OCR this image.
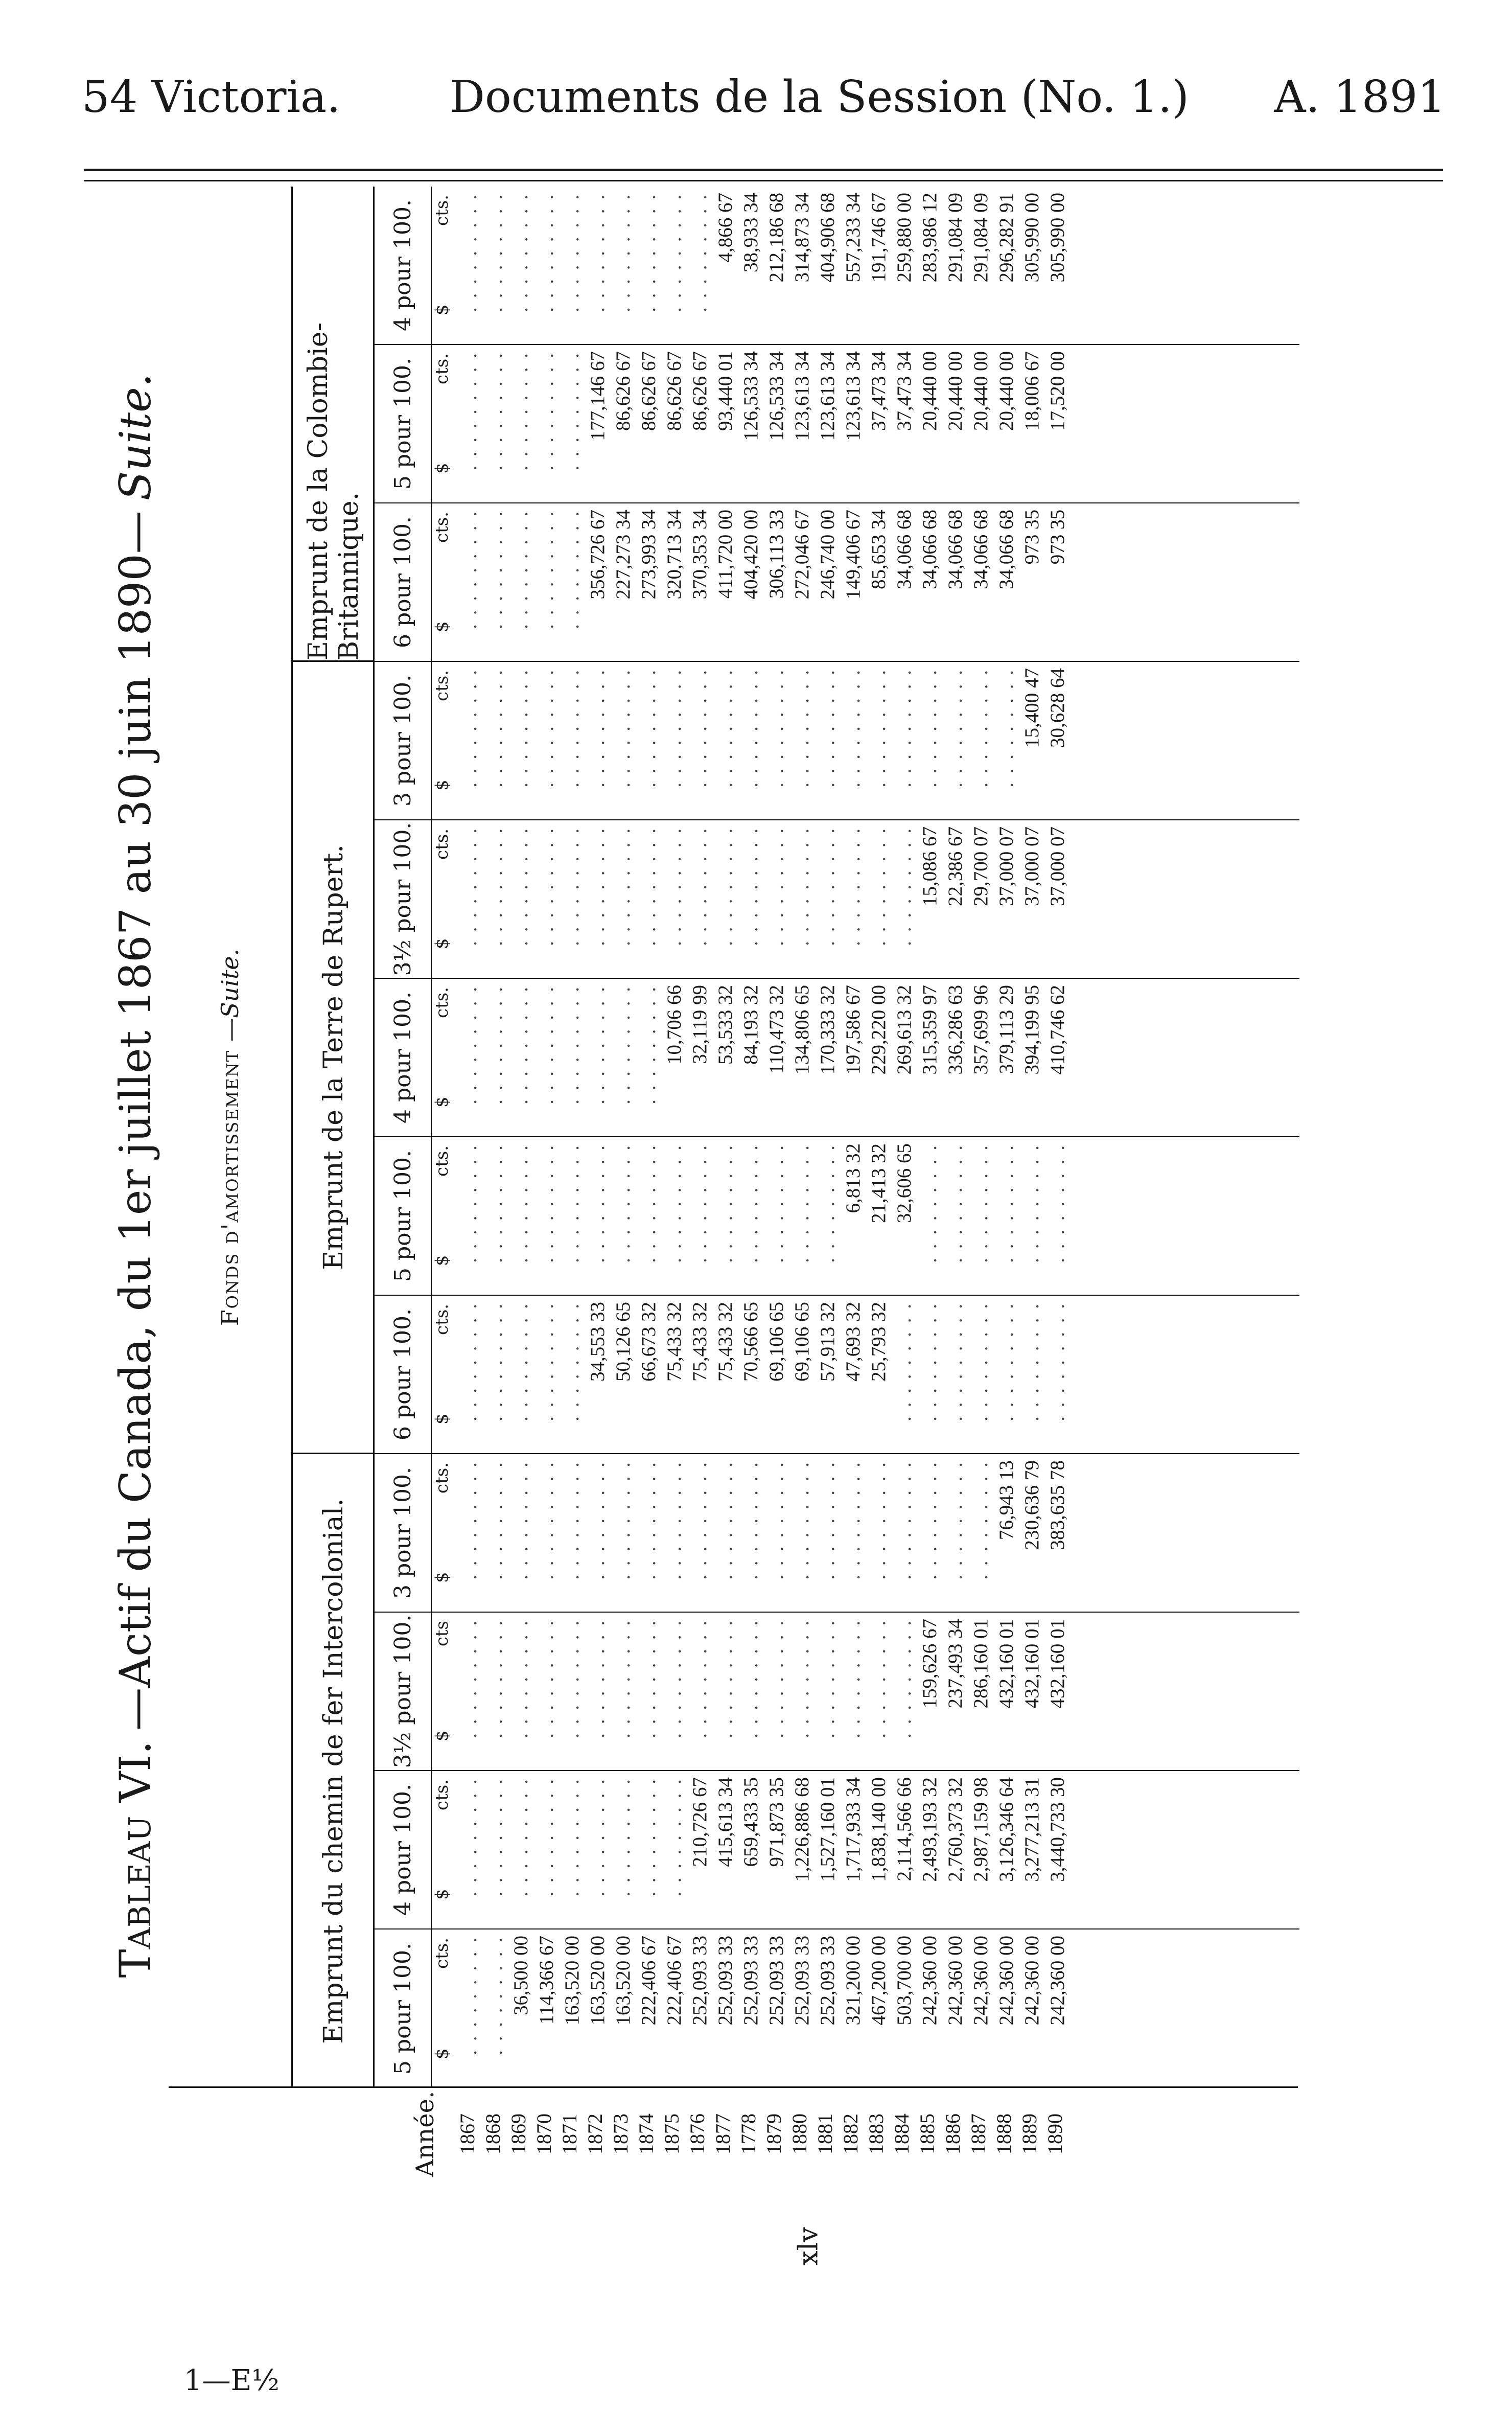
54 Victoria. Documents de la Session (No. 1.) A. 1891
Tableau VI.
—Actif du Canada, du 1er juillet 1867 au 30 juin 1890—
Suite.
Année. 1867 1868 1869 1870 1871 1872 1873 1874 1875 1876 1877 1778 1879 1880 1881 1882 1883 1884 1885 1886 1887 1888 1889 1890
Fonds d'amortissement
—Suite.
Emprunt du chemin de fer Intercolonial.
Emprunt de la Terre de Rupert.
Emprunt de la Colombie-Britannique.
5 pour 100. $
cts. . . . . . . . . . . . . . . . . . . 36,500 00 114,366 67 163,520 00 163,520 00 163,520 00 222,406 67 222,406 67 252,093 33 252,093 33 252,093 33 252,093 33 252,093 33 252,093 33 321,200 00 467,200 00 503,700 00 242,360 00 242,360 00 242,360 00 242,360 00 242,360 00 242,360 00
4 pour 100. $
cts. . . . . . . . . . . . . . . . . . . . . . . . . . . . . . . . . . . . . . . . . . . . . . . . . . . . . . . . . . . . . . . . . . . . . . . . . . . . . . . . . . 210,726 67 415,613 34 659,433 35 971,873 35 1,226,886 68 1,527,160 01 1,717,933 34 1,838,140 00 2,114,566 66 2,493,193 32 2,760,373 32 2,987,159 98 3,126,346 64 3,277,213 31 3,440,733 30
3½ pour 100. $
cts . . . . . . . . . . . . . . . . . . . . . . . . . . . . . . . . . . . . . . . . . . . . . . . . . . . . . . . . . . . . . . . . . . . . . . . . . . . . . . . . . . . . . . . . . . . . . . . . . . . . . . . . . . . . . . . . . . . . . . . . . . . . . . . . . . . . . . . . . . . . . . . . . . . . . . . . . . . . . . . . . . 159,626 67 237,493 34 286,160 01 432,160 01 432,160 01 432,160 01
3 pour 100. $
cts. . . . . . . . . . . . . . . . . . . . . . . . . . . . . . . . . . . . . . . . . . . . . . . . . . . . . . . . . . . . . . . . . . . . . . . . . . . . . . . . . . . . . . . . . . . . . . . . . . . . . . . . . . . . . . . . . . . . . . . . . . . . . . . . . . . . . . . . . . . . . . . . . . . . . . . . . . . . . . . . . . . . . . . . . . . . . . . . . . . . . . . . . . . . . . 76,943 13 230,636 79 383,635 78
6 pour 100. $
cts. . . . . . . . . . . . . . . . . . . . . . . . . . . . . . . . . . . . . . . . . . . . . . 34,553 33 50,126 65 66,673 32 75,433 32 75,433 32 75,433 32 70,566 65 69,106 65 69,106 65 57,913 32 47,693 32 25,793 32 . . . . . . . . . . . . . . . . . . . . . . . . . . . . . . . . . . . . . . . . . . . . . . . . . . . . . . . . . . . . . . .
5 pour 100. $
cts. . . . . . . . . . . . . . . . . . . . . . . . . . . . . . . . . . . . . . . . . . . . . . . . . . . . . . . . . . . . . . . . . . . . . . . . . . . . . . . . . . . . . . . . . . . . . . . . . . . . . . . . . . . . . . . . . . . . . . . . . . . . . . . . . . . . . . . . 6,813 32 21,413 32 32,606 65 . . . . . . . . . . . . . . . . . . . . . . . . . . . . . . . . . . . . . . . . . . . . . . . . . . . . . .
4 pour 100. $
cts. . . . . . . . . . . . . . . . . . . . . . . . . . . . . . . . . . . . . . . . . . . . . . . . . . . . . . . . . . . . . . . . . . . . . . . . . 10,706 66 32,119 99 53,533 32 84,193 32 110,473 32 134,806 65 170,333 32 197,586 67 229,220 00 269,613 32 315,359 97 336,286 63 357,699 96 379,113 29 394,199 95 410,746 62
3½ pour 100. $
cts. . . . . . . . . . . . . . . . . . . . . . . . . . . . . . . . . . . . . . . . . . . . . . . . . . . . . . . . . . . . . . . . . . . . . . . . . . . . . . . . . . . . . . . . . . . . . . . . . . . . . . . . . . . . . . . . . . . . . . . . . . . . . . . . . . . . . . . . . . . . . . . . . . . . . . . . . . . . . . . . . . . 15,086 67 22,386 67 29,700 07 37,000 07 37,000 07 37,000 07
3 pour 100. $
cts. . . . . . . . . . . . . . . . . . . . . . . . . . . . . . . . . . . . . . . . . . . . . . . . . . . . . . . . . . . . . . . . . . . . . . . . . . . . . . . . . . . . . . . . . . . . . . . . . . . . . . . . . . . . . . . . . . . . . . . . . . . . . . . . . . . . . . . . . . . . . . . . . . . . . . . . . . . . . . . . . . . . . . . . . . . . . . . . . . . . . . . . . . . . . . . . . . . . . . . 15,400 47 30,628 64
6 pour 100. $
cts. . . . . . . . . . . . . . . . . . . . . . . . . . . . . . . . . . . . . . . . . . . . . . 356,726 67 227,273 34 273,993 34 320,713 34 370,353 34 411,720 00 404,420 00 306,113 33 272,046 67 246,740 00 149,406 67 85,653 34 34,066 68 34,066 68 34,066 68 34,066 68 34,066 68 973 35 973 35
5 pour 100. $
cts. . . . . . . . . . . . . . . . . . . . . . . . . . . . . . . . . . . . . . . . . . . . . . 177,146 67 86,626 67 86,626 67 86,626 67 86,626 67 93,440 01 126,533 34 126,533 34 123,613 34 123,613 34 123,613 34 37,473 34 37,473 34 20,440 00 20,440 00 20,440 00 20,440 00 18,006 67 17,520 00
4 pour 100. $
cts. . . . . . . . . . . . . . . . . . . . . . . . . . . . . . . . . . . . . . . . . . . . . . . . . . . . . . . . . . . . . . . . . . . . . . . . . . . . . . . . . . . . . . . . . . . 4,866 67 38,933 34 212,186 68 314,873 34 404,906 68 557,233 34 191,746 67 259,880 00 283,986 12 291,084 09 291,084 09 296,282 91 305,990 00 305,990 00
1—E½
xlv
